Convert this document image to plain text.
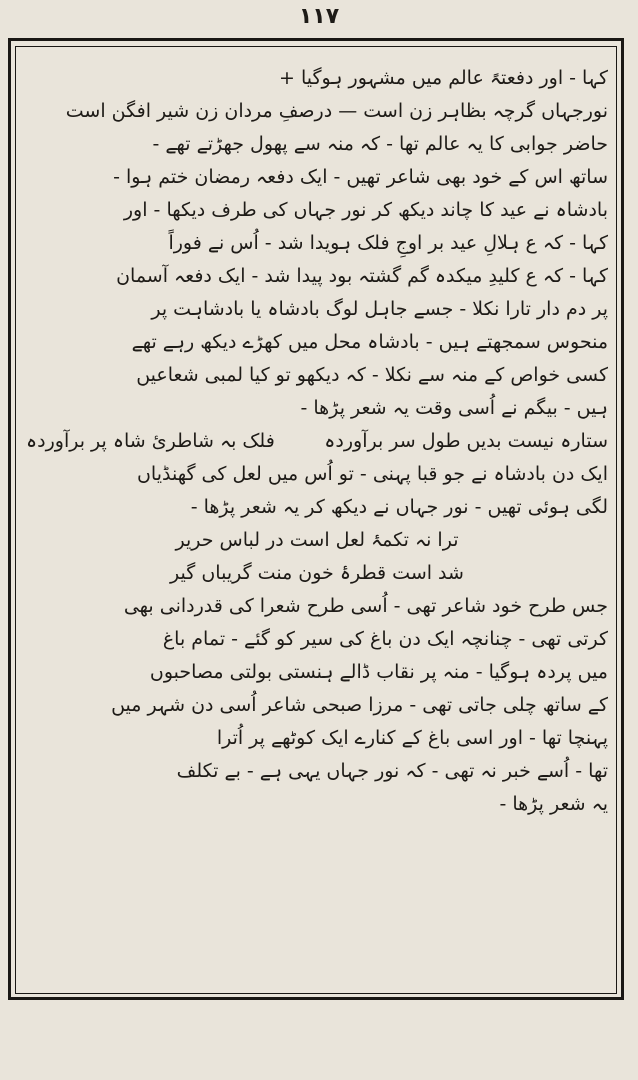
۱۱۷
کہا - اور دفعتہً عالم میں مشہور ہوگیا +
نورجہاں گرچہ بظاہر زن است — درصفِ مردان زن شیر افگن است
حاضر جوابی کا یہ عالم تھا - کہ منہ سے پھول جھڑتے تھے -
ساتھ اس کے خود بھی شاعر تھیں - ایک دفعہ رمضان ختم ہوا -
بادشاہ نے عید کا چاند دیکھ کر نور جہاں کی طرف دیکھا - اور
کہا - کہ ع ہلالِ عید بر اوجِ فلک ہویدا شد - اُس نے فوراً
کہا - کہ ع کلیدِ میکدہ گم گشتہ بود پیدا شد - ایک دفعہ آسمان
پر دم دار تارا نکلا - جسے جاہل لوگ بادشاہ یا بادشاہت پر
منحوس سمجھتے ہیں - بادشاہ محل میں کھڑے دیکھ رہے تھے
کسی خواص کے منہ سے نکلا - کہ دیکھو تو کیا لمبی شعاعیں
ہیں - بیگم نے اُسی وقت یہ شعر پڑھا -
ستارہ نیست بدیں طول سر برآوردہ
فلک بہ شاطرئ شاہ پر برآوردہ
ایک دن بادشاہ نے جو قبا پہنی - تو اُس میں لعل کی گھنڈیاں
لگی ہوئی تھیں - نور جہاں نے دیکھ کر یہ شعر پڑھا -
ترا نہ تکمۂ لعل است در لباس حریر
شد است قطرۂ خون منت گریباں گیر
جس طرح خود شاعر تھی - اُسی طرح شعرا کی قدردانی بھی
کرتی تھی - چنانچہ ایک دن باغ کی سیر کو گئے - تمام باغ
میں پردہ ہوگیا - منہ پر نقاب ڈالے ہنستی بولتی مصاحبوں
کے ساتھ چلی جاتی تھی - مرزا صبحی شاعر اُسی دن شہر میں
پہنچا تھا - اور اسی باغ کے کنارے ایک کوٹھے پر اُترا
تھا - اُسے خبر نہ تھی - کہ نور جہاں یہی ہے - بے تکلف
یہ شعر پڑھا -
